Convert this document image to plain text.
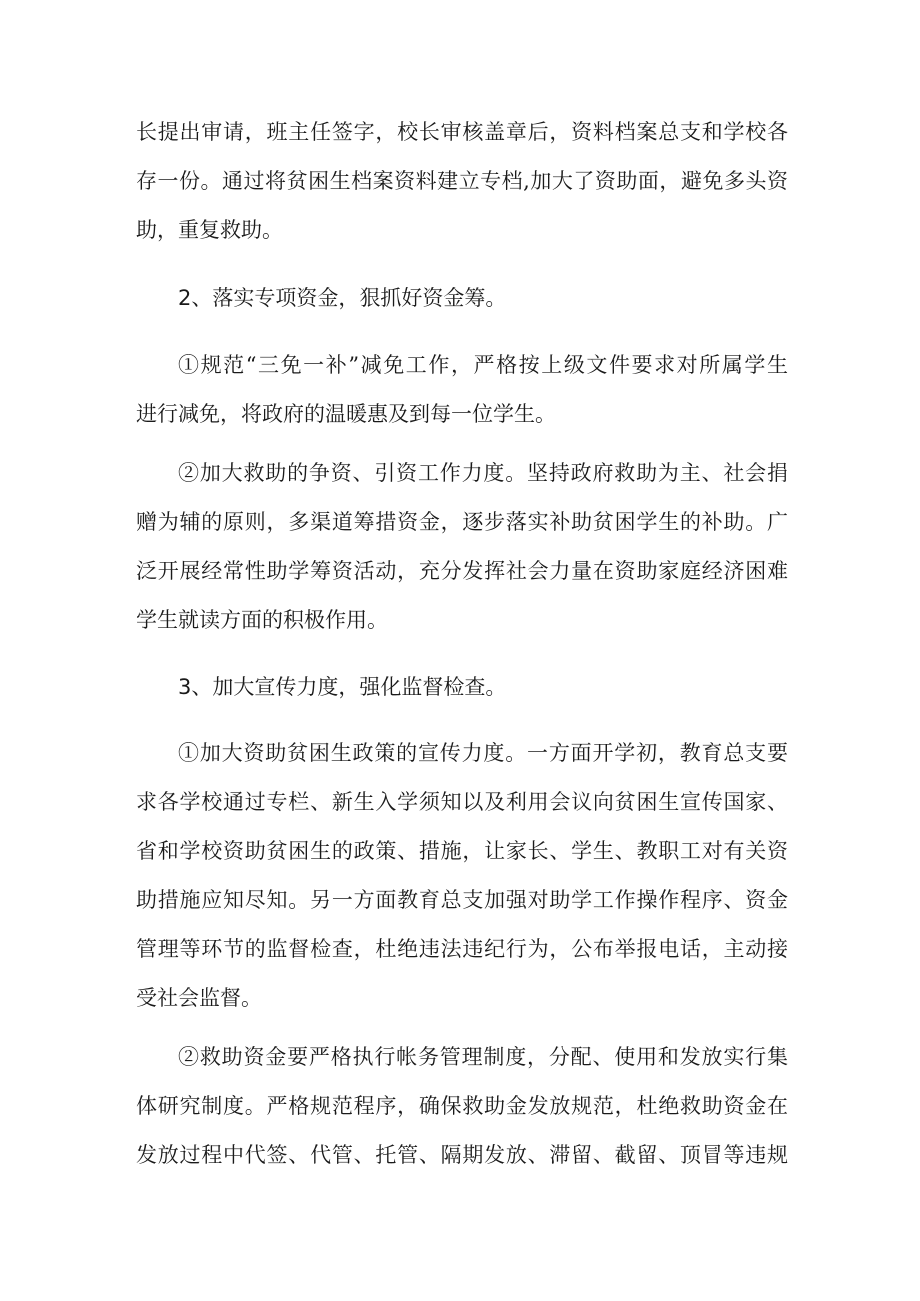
长提出审请，班主任签字，校长审核盖章后，资料档案总支和学校各
存一份。通过将贫困生档案资料建立专档,加大了资助面，避免多头资
助，重复救助。
2、落实专项资金，狠抓好资金筹。
①规范“三免一补”减免工作，严格按上级文件要求对所属学生
进行减免，将政府的温暖惠及到每一位学生。
②加大救助的争资、引资工作力度。坚持政府救助为主、社会捐
赠为辅的原则，多渠道筹措资金，逐步落实补助贫困学生的补助。广
泛开展经常性助学筹资活动，充分发挥社会力量在资助家庭经济困难
学生就读方面的积极作用。
3、加大宣传力度，强化监督检查。
①加大资助贫困生政策的宣传力度。一方面开学初，教育总支要
求各学校通过专栏、新生入学须知以及利用会议向贫困生宣传国家、
省和学校资助贫困生的政策、措施，让家长、学生、教职工对有关资
助措施应知尽知。另一方面教育总支加强对助学工作操作程序、资金
管理等环节的监督检查，杜绝违法违纪行为，公布举报电话，主动接
受社会监督。
②救助资金要严格执行帐务管理制度，分配、使用和发放实行集
体研究制度。严格规范程序，确保救助金发放规范，杜绝救助资金在
发放过程中代签、代管、托管、隔期发放、滞留、截留、顶冒等违规
